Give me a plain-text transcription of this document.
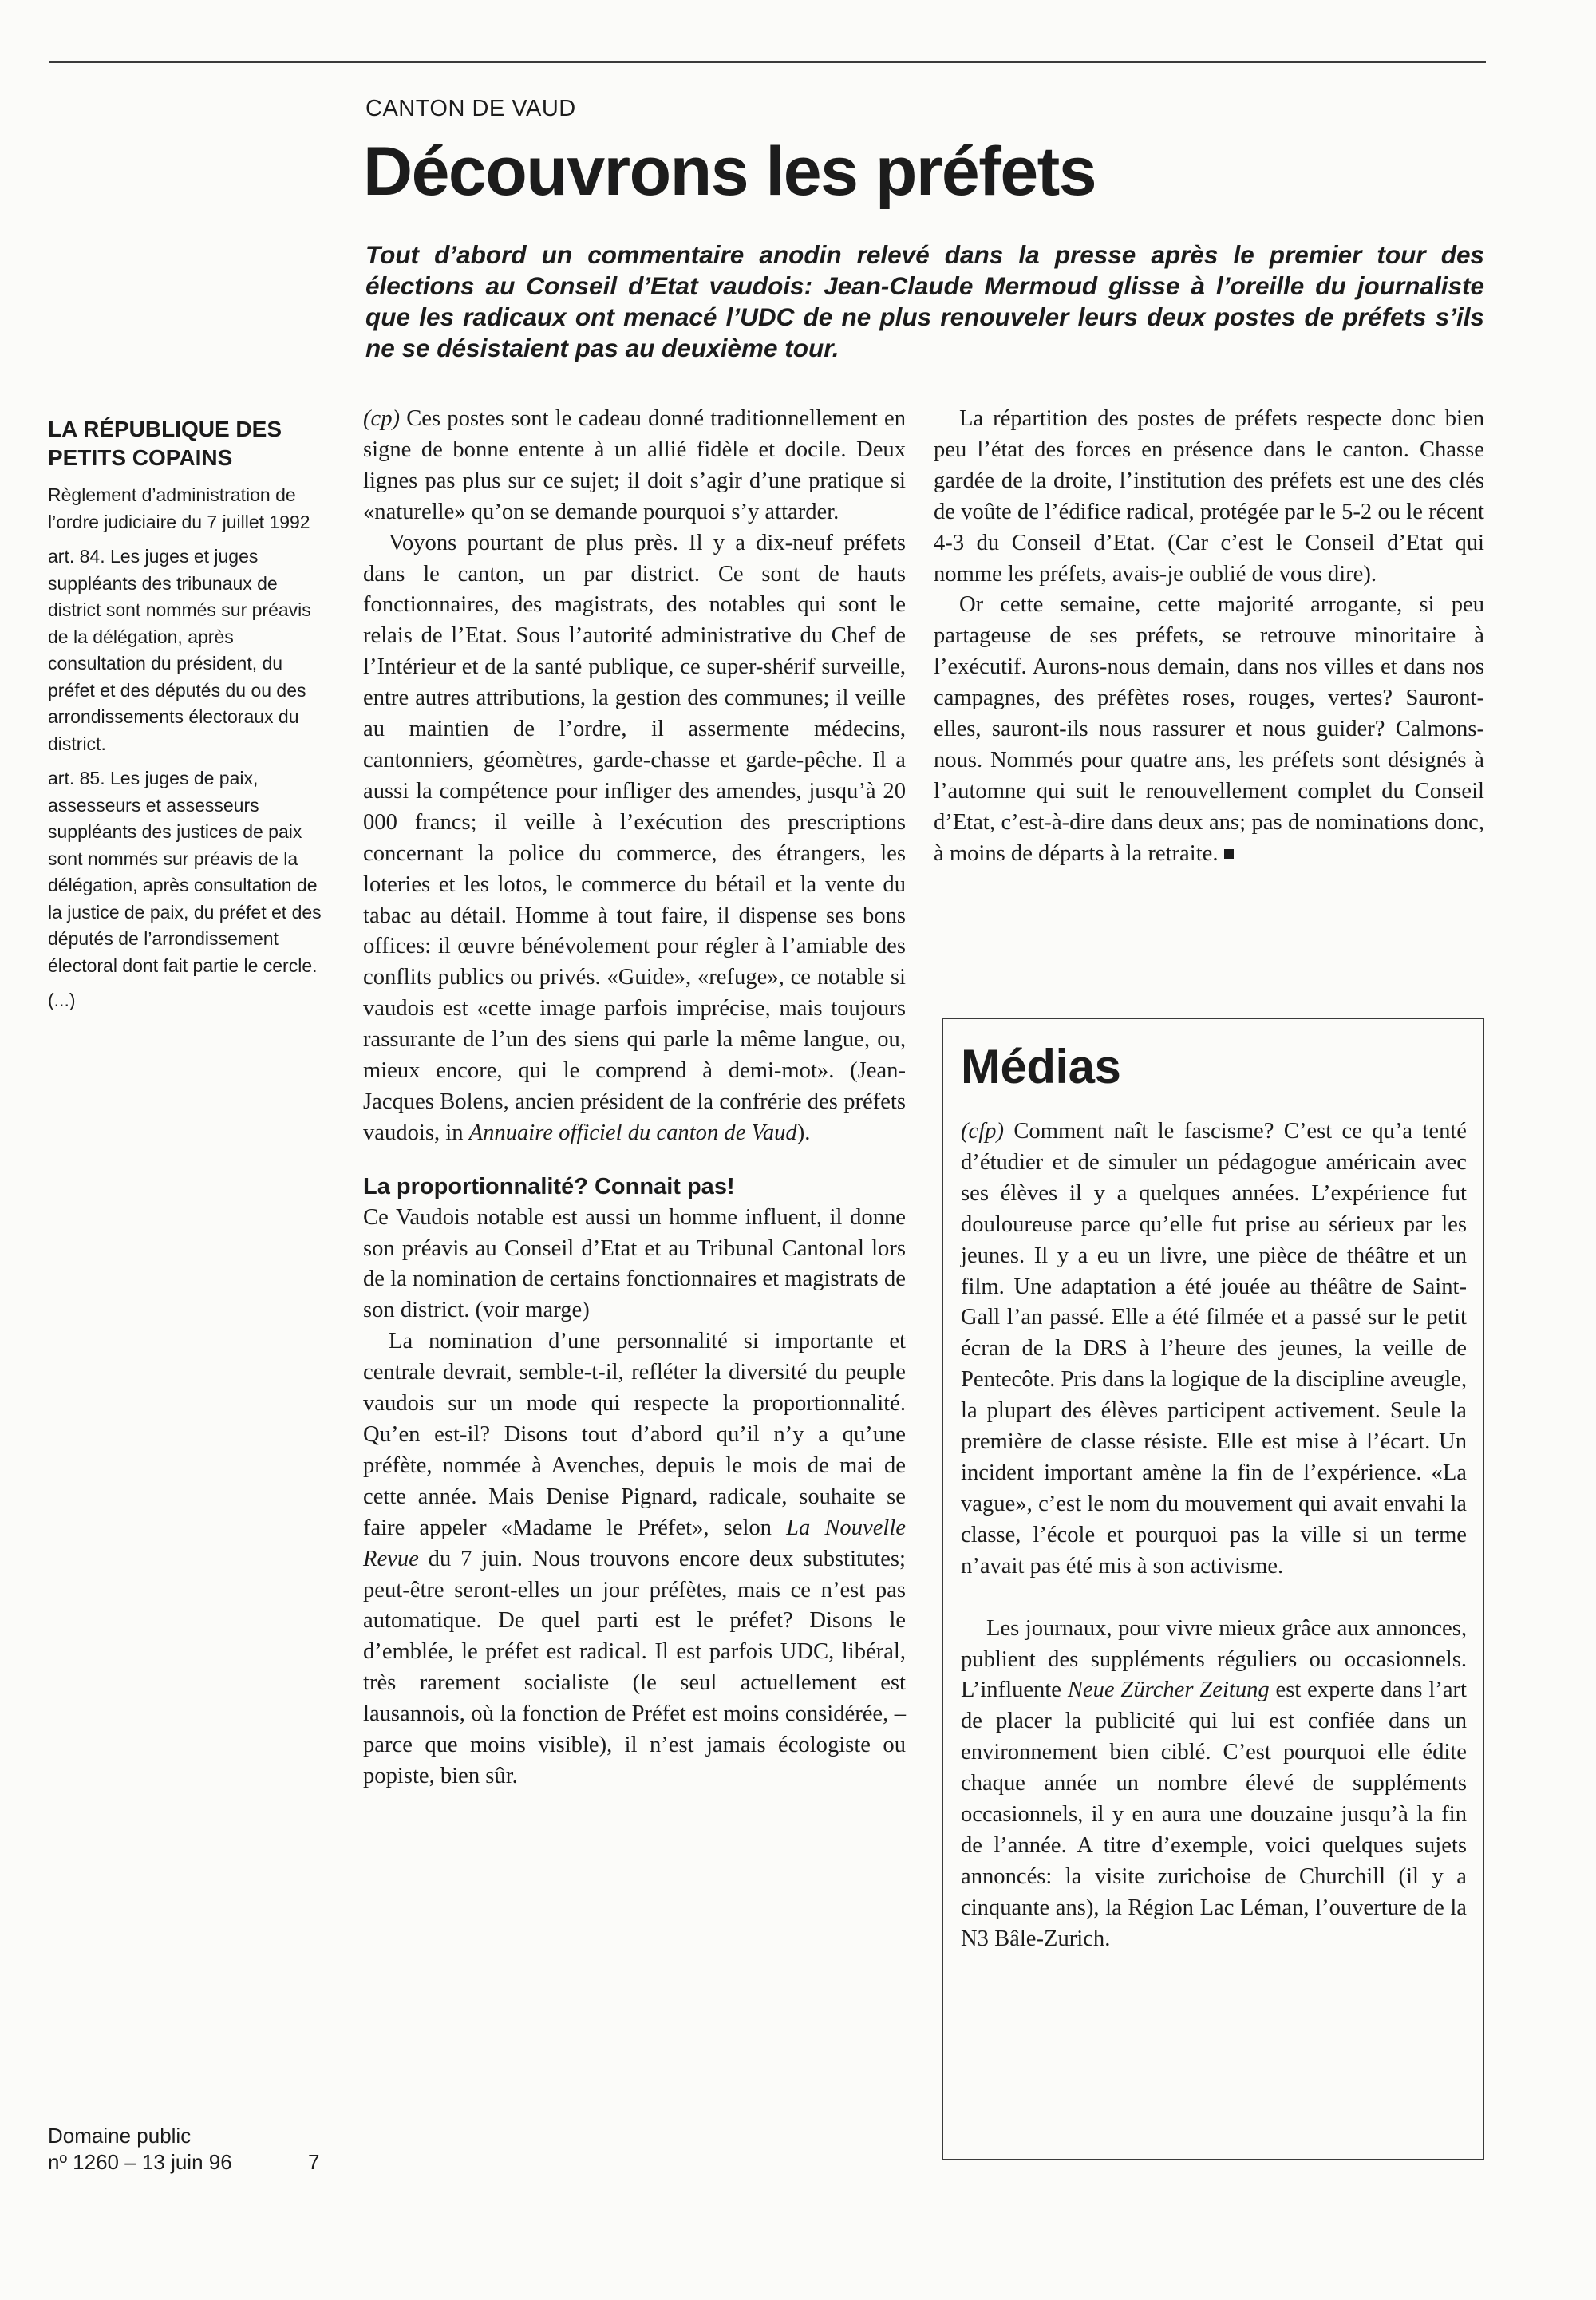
CANTON DE VAUD
Découvrons les préfets

Tout d’abord un commentaire anodin relevé dans la presse après le premier tour des élections au Conseil d’Etat vaudois: Jean-Claude Mermoud glisse à l’oreille du journaliste que les radicaux ont menacé l’UDC de ne plus renouveler leurs deux postes de préfets s’ils ne se désistaient pas au deuxième tour.

LA RÉPUBLIQUE DES PETITS COPAINS

Règlement d’administration de l’ordre judiciaire du 7 juillet 1992

art. 84. Les juges et juges suppléants des tribunaux de district sont nommés sur préavis de la délégation, après consultation du président, du préfet et des députés du ou des arrondissements électoraux du district.

art. 85. Les juges de paix, assesseurs et assesseurs suppléants des justices de paix sont nommés sur préavis de la délégation, après consultation de la justice de paix, du préfet et des députés de l’arrondissement électoral dont fait partie le cercle.

(...)

Domaine public
nº 1260 – 13 juin 96	7

(cp) Ces postes sont le cadeau donné traditionnellement en signe de bonne entente à un allié fidèle et docile. Deux lignes pas plus sur ce sujet; il doit s’agir d’une pratique si «naturelle» qu’on se demande pourquoi s’y attarder.

Voyons pourtant de plus près. Il y a dix-neuf préfets dans le canton, un par district. Ce sont de hauts fonctionnaires, des magistrats, des notables qui sont le relais de l’Etat. Sous l’autorité administrative du Chef de l’Intérieur et de la santé publique, ce super-shérif surveille, entre autres attributions, la gestion des communes; il veille au maintien de l’ordre, il assermente médecins, cantonniers, géomètres, garde-chasse et garde-pêche. Il a aussi la compétence pour infliger des amendes, jusqu’à 20 000 francs; il veille à l’exécution des prescriptions concernant la police du commerce, des étrangers, les loteries et les lotos, le commerce du bétail et la vente du tabac au détail. Homme à tout faire, il dispense ses bons offices: il œuvre bénévolement pour régler à l’amiable des conflits publics ou privés. «Guide», «refuge», ce notable si vaudois est «cette image parfois imprécise, mais toujours rassurante de l’un des siens qui parle la même langue, ou, mieux encore, qui le comprend à demi-mot». (Jean-Jacques Bolens, ancien président de la confrérie des préfets vaudois, in Annuaire officiel du canton de Vaud).

La proportionnalité? Connait pas!

Ce Vaudois notable est aussi un homme influent, il donne son préavis au Conseil d’Etat et au Tribunal Cantonal lors de la nomination de certains fonctionnaires et magistrats de son district. (voir marge)

La nomination d’une personnalité si importante et centrale devrait, semble-t-il, refléter la diversité du peuple vaudois sur un mode qui respecte la proportionnalité. Qu’en est-il? Disons tout d’abord qu’il n’y a qu’une préfète, nommée à Avenches, depuis le mois de mai de cette année. Mais Denise Pignard, radicale, souhaite se faire appeler «Madame le Préfet», selon La Nouvelle Revue du 7 juin. Nous trouvons encore deux substitutes; peut-être seront-elles un jour préfètes, mais ce n’est pas automatique. De quel parti est le préfet? Disons le d’emblée, le préfet est radical. Il est parfois UDC, libéral, très rarement socialiste (le seul actuellement est lausannois, où la fonction de Préfet est moins considérée, – parce que moins visible), il n’est jamais écologiste ou popiste, bien sûr.

La répartition des postes de préfets respecte donc bien peu l’état des forces en présence dans le canton. Chasse gardée de la droite, l’institution des préfets est une des clés de voûte de l’édifice radical, protégée par le 5-2 ou le récent 4-3 du Conseil d’Etat. (Car c’est le Conseil d’Etat qui nomme les préfets, avais-je oublié de vous dire).

Or cette semaine, cette majorité arrogante, si peu partageuse de ses préfets, se retrouve minoritaire à l’exécutif. Aurons-nous demain, dans nos villes et dans nos campagnes, des préfètes roses, rouges, vertes? Sauront-elles, sauront-ils nous rassurer et nous guider? Calmons-nous. Nommés pour quatre ans, les préfets sont désignés à l’automne qui suit le renouvellement complet du Conseil d’Etat, c’est-à-dire dans deux ans; pas de nominations donc, à moins de départs à la retraite.

Médias

(cfp) Comment naît le fascisme? C’est ce qu’a tenté d’étudier et de simuler un pédagogue américain avec ses élèves il y a quelques années. L’expérience fut douloureuse parce qu’elle fut prise au sérieux par les jeunes. Il y a eu un livre, une pièce de théâtre et un film. Une adaptation a été jouée au théâtre de Saint-Gall l’an passé. Elle a été filmée et a passé sur le petit écran de la DRS à l’heure des jeunes, la veille de Pentecôte. Pris dans la logique de la discipline aveugle, la plupart des élèves participent activement. Seule la première de classe résiste. Elle est mise à l’écart. Un incident important amène la fin de l’expérience. «La vague», c’est le nom du mouvement qui avait envahi la classe, l’école et pourquoi pas la ville si un terme n’avait pas été mis à son activisme.

Les journaux, pour vivre mieux grâce aux annonces, publient des suppléments réguliers ou occasionnels. L’influente Neue Zürcher Zeitung est experte dans l’art de placer la publicité qui lui est confiée dans un environnement bien ciblé. C’est pourquoi elle édite chaque année un nombre élevé de suppléments occasionnels, il y en aura une douzaine jusqu’à la fin de l’année. A titre d’exemple, voici quelques sujets annoncés: la visite zurichoise de Churchill (il y a cinquante ans), la Région Lac Léman, l’ouverture de la N3 Bâle-Zurich.
